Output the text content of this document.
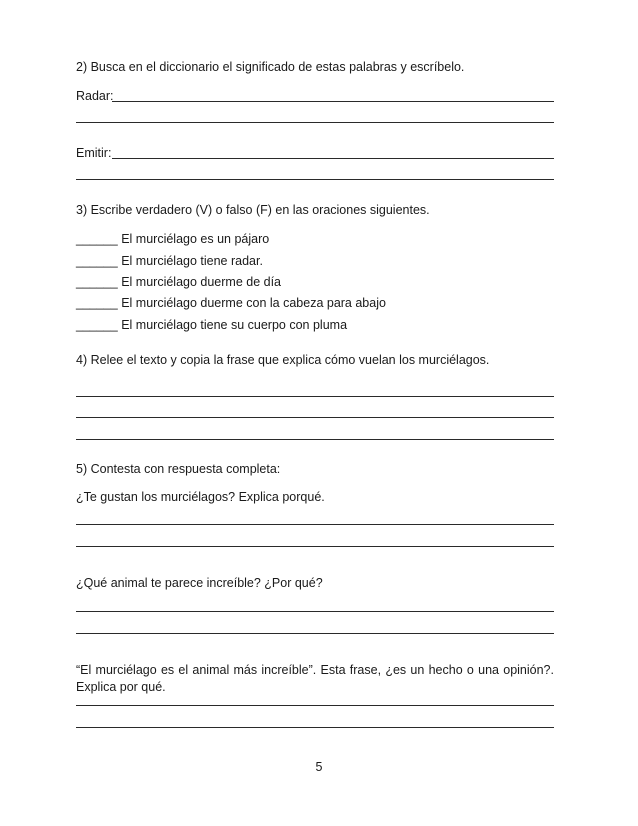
2) Busca en el diccionario el significado de estas palabras y escríbelo.
Radar:
Emitir:
3) Escribe verdadero (V) o falso (F) en las oraciones siguientes.
______ El murciélago es un pájaro
______ El murciélago tiene radar.
______ El murciélago duerme de día
______ El murciélago duerme con la cabeza para abajo
______ El murciélago tiene su cuerpo con pluma
4) Relee el texto y copia la frase que explica cómo vuelan los murciélagos.
5) Contesta con respuesta completa:
¿Te gustan los murciélagos? Explica porqué.
¿Qué animal te parece increíble? ¿Por qué?
“El murciélago es el animal más increíble”. Esta frase, ¿es un hecho o una opinión?.
Explica por qué.
5
